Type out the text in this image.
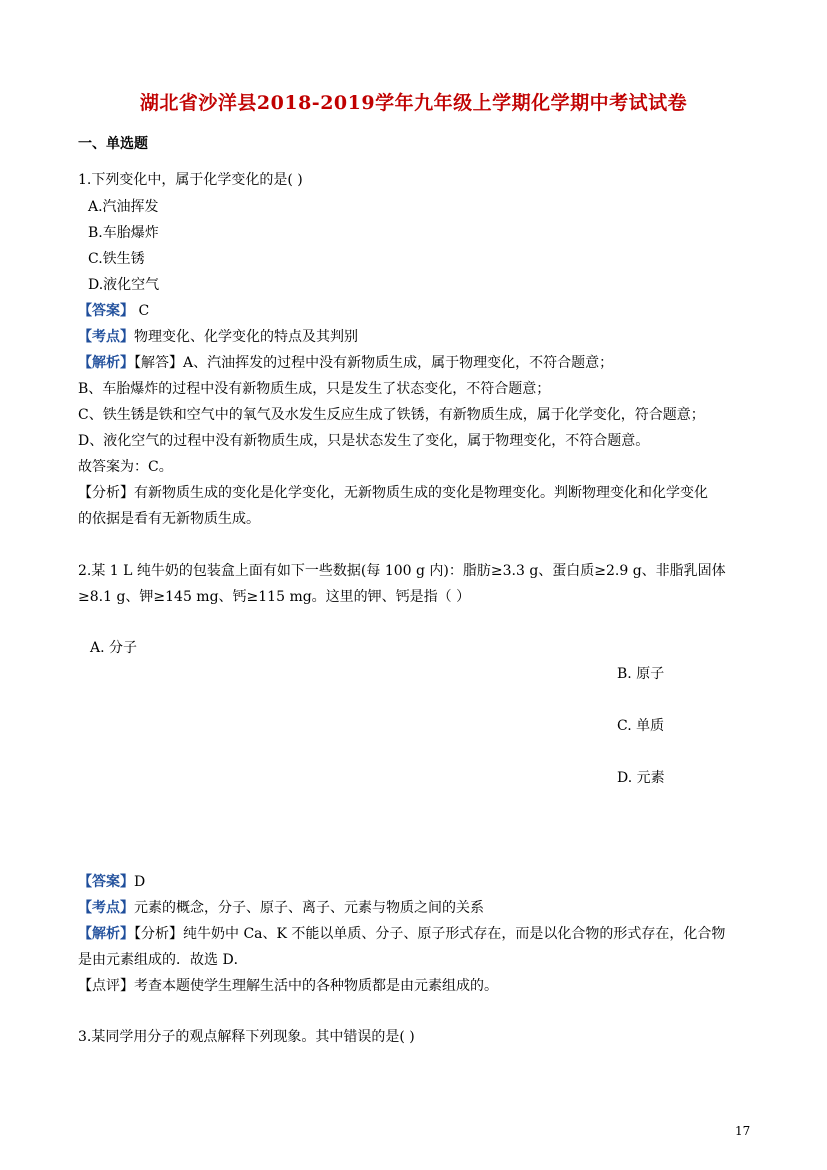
湖北省沙洋县2018-2019学年九年级上学期化学期中考试试卷
一、单选题
1.下列变化中，属于化学变化的是( )
A.汽油挥发
B.车胎爆炸
C.铁生锈
D.液化空气
【答案】 C
【考点】物理变化、化学变化的特点及其判别
【解析】【解答】A、汽油挥发的过程中没有新物质生成，属于物理变化，不符合题意；
B、车胎爆炸的过程中没有新物质生成，只是发生了状态变化，不符合题意；
C、铁生锈是铁和空气中的氧气及水发生反应生成了铁锈，有新物质生成，属于化学变化，符合题意；
D、液化空气的过程中没有新物质生成，只是状态发生了变化，属于物理变化，不符合题意。
故答案为：C。
【分析】有新物质生成的变化是化学变化，无新物质生成的变化是物理变化。判断物理变化和化学变化
的依据是看有无新物质生成。
2.某 1 L 纯牛奶的包装盒上面有如下一些数据(每 100 g 内)：脂肪≥3.3 g、蛋白质≥2.9 g、非脂乳固体
≥8.1 g、钾≥145 mg、钙≥115 mg。这里的钾、钙是指（ ）
A. 分子
B. 原子
C. 单质
D. 元素
【答案】D
【考点】元素的概念，分子、原子、离子、元素与物质之间的关系
【解析】【分析】纯牛奶中 Ca、K 不能以单质、分子、原子形式存在，而是以化合物的形式存在，化合物
是由元素组成的．故选 D．
【点评】考查本题使学生理解生活中的各种物质都是由元素组成的。
3.某同学用分子的观点解释下列现象。其中错误的是( )
17
